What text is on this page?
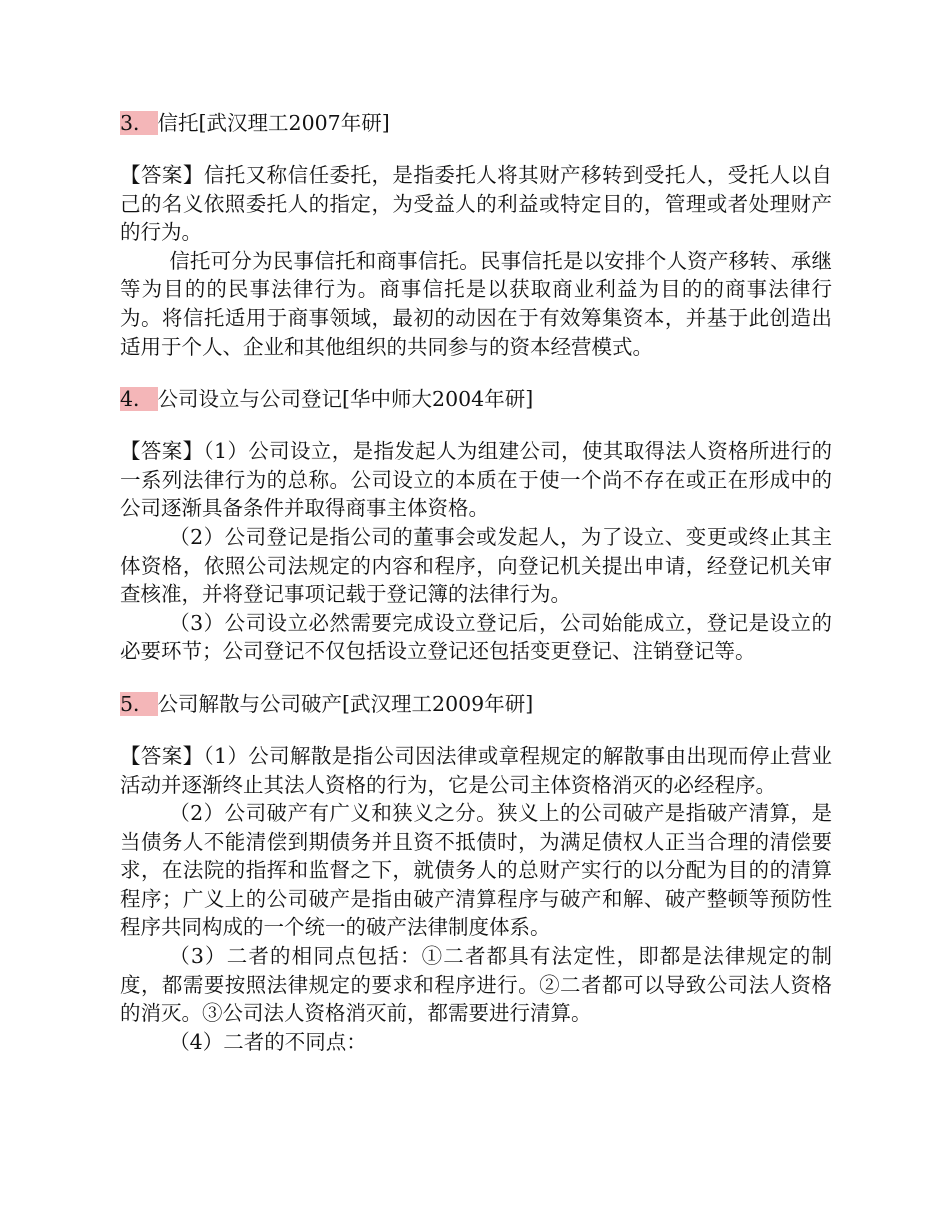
3． 信托[武汉理工2007年研]

【答案】信托又称信任委托，是指委托人将其财产移转到受托人，受托人以自己的名义依照委托人的指定，为受益人的利益或特定目的，管理或者处理财产的行为。

信托可分为民事信托和商事信托。民事信托是以安排个人资产移转、承继等为目的的民事法律行为。商事信托是以获取商业利益为目的的商事法律行为。将信托适用于商事领域，最初的动因在于有效筹集资本，并基于此创造出适用于个人、企业和其他组织的共同参与的资本经营模式。

4． 公司设立与公司登记[华中师大2004年研]

【答案】（1）公司设立，是指发起人为组建公司，使其取得法人资格所进行的一系列法律行为的总称。公司设立的本质在于使一个尚不存在或正在形成中的公司逐渐具备条件并取得商事主体资格。

（2）公司登记是指公司的董事会或发起人，为了设立、变更或终止其主体资格，依照公司法规定的内容和程序，向登记机关提出申请，经登记机关审查核准，并将登记事项记载于登记簿的法律行为。

（3）公司设立必然需要完成设立登记后，公司始能成立，登记是设立的必要环节；公司登记不仅包括设立登记还包括变更登记、注销登记等。

5． 公司解散与公司破产[武汉理工2009年研]

【答案】（1）公司解散是指公司因法律或章程规定的解散事由出现而停止营业活动并逐渐终止其法人资格的行为，它是公司主体资格消灭的必经程序。

（2）公司破产有广义和狭义之分。狭义上的公司破产是指破产清算，是当债务人不能清偿到期债务并且资不抵债时，为满足债权人正当合理的清偿要求，在法院的指挥和监督之下，就债务人的总财产实行的以分配为目的的清算程序；广义上的公司破产是指由破产清算程序与破产和解、破产整顿等预防性程序共同构成的一个统一的破产法律制度体系。

（3）二者的相同点包括：①二者都具有法定性，即都是法律规定的制度，都需要按照法律规定的要求和程序进行。②二者都可以导致公司法人资格的消灭。③公司法人资格消灭前，都需要进行清算。

（4）二者的不同点：
